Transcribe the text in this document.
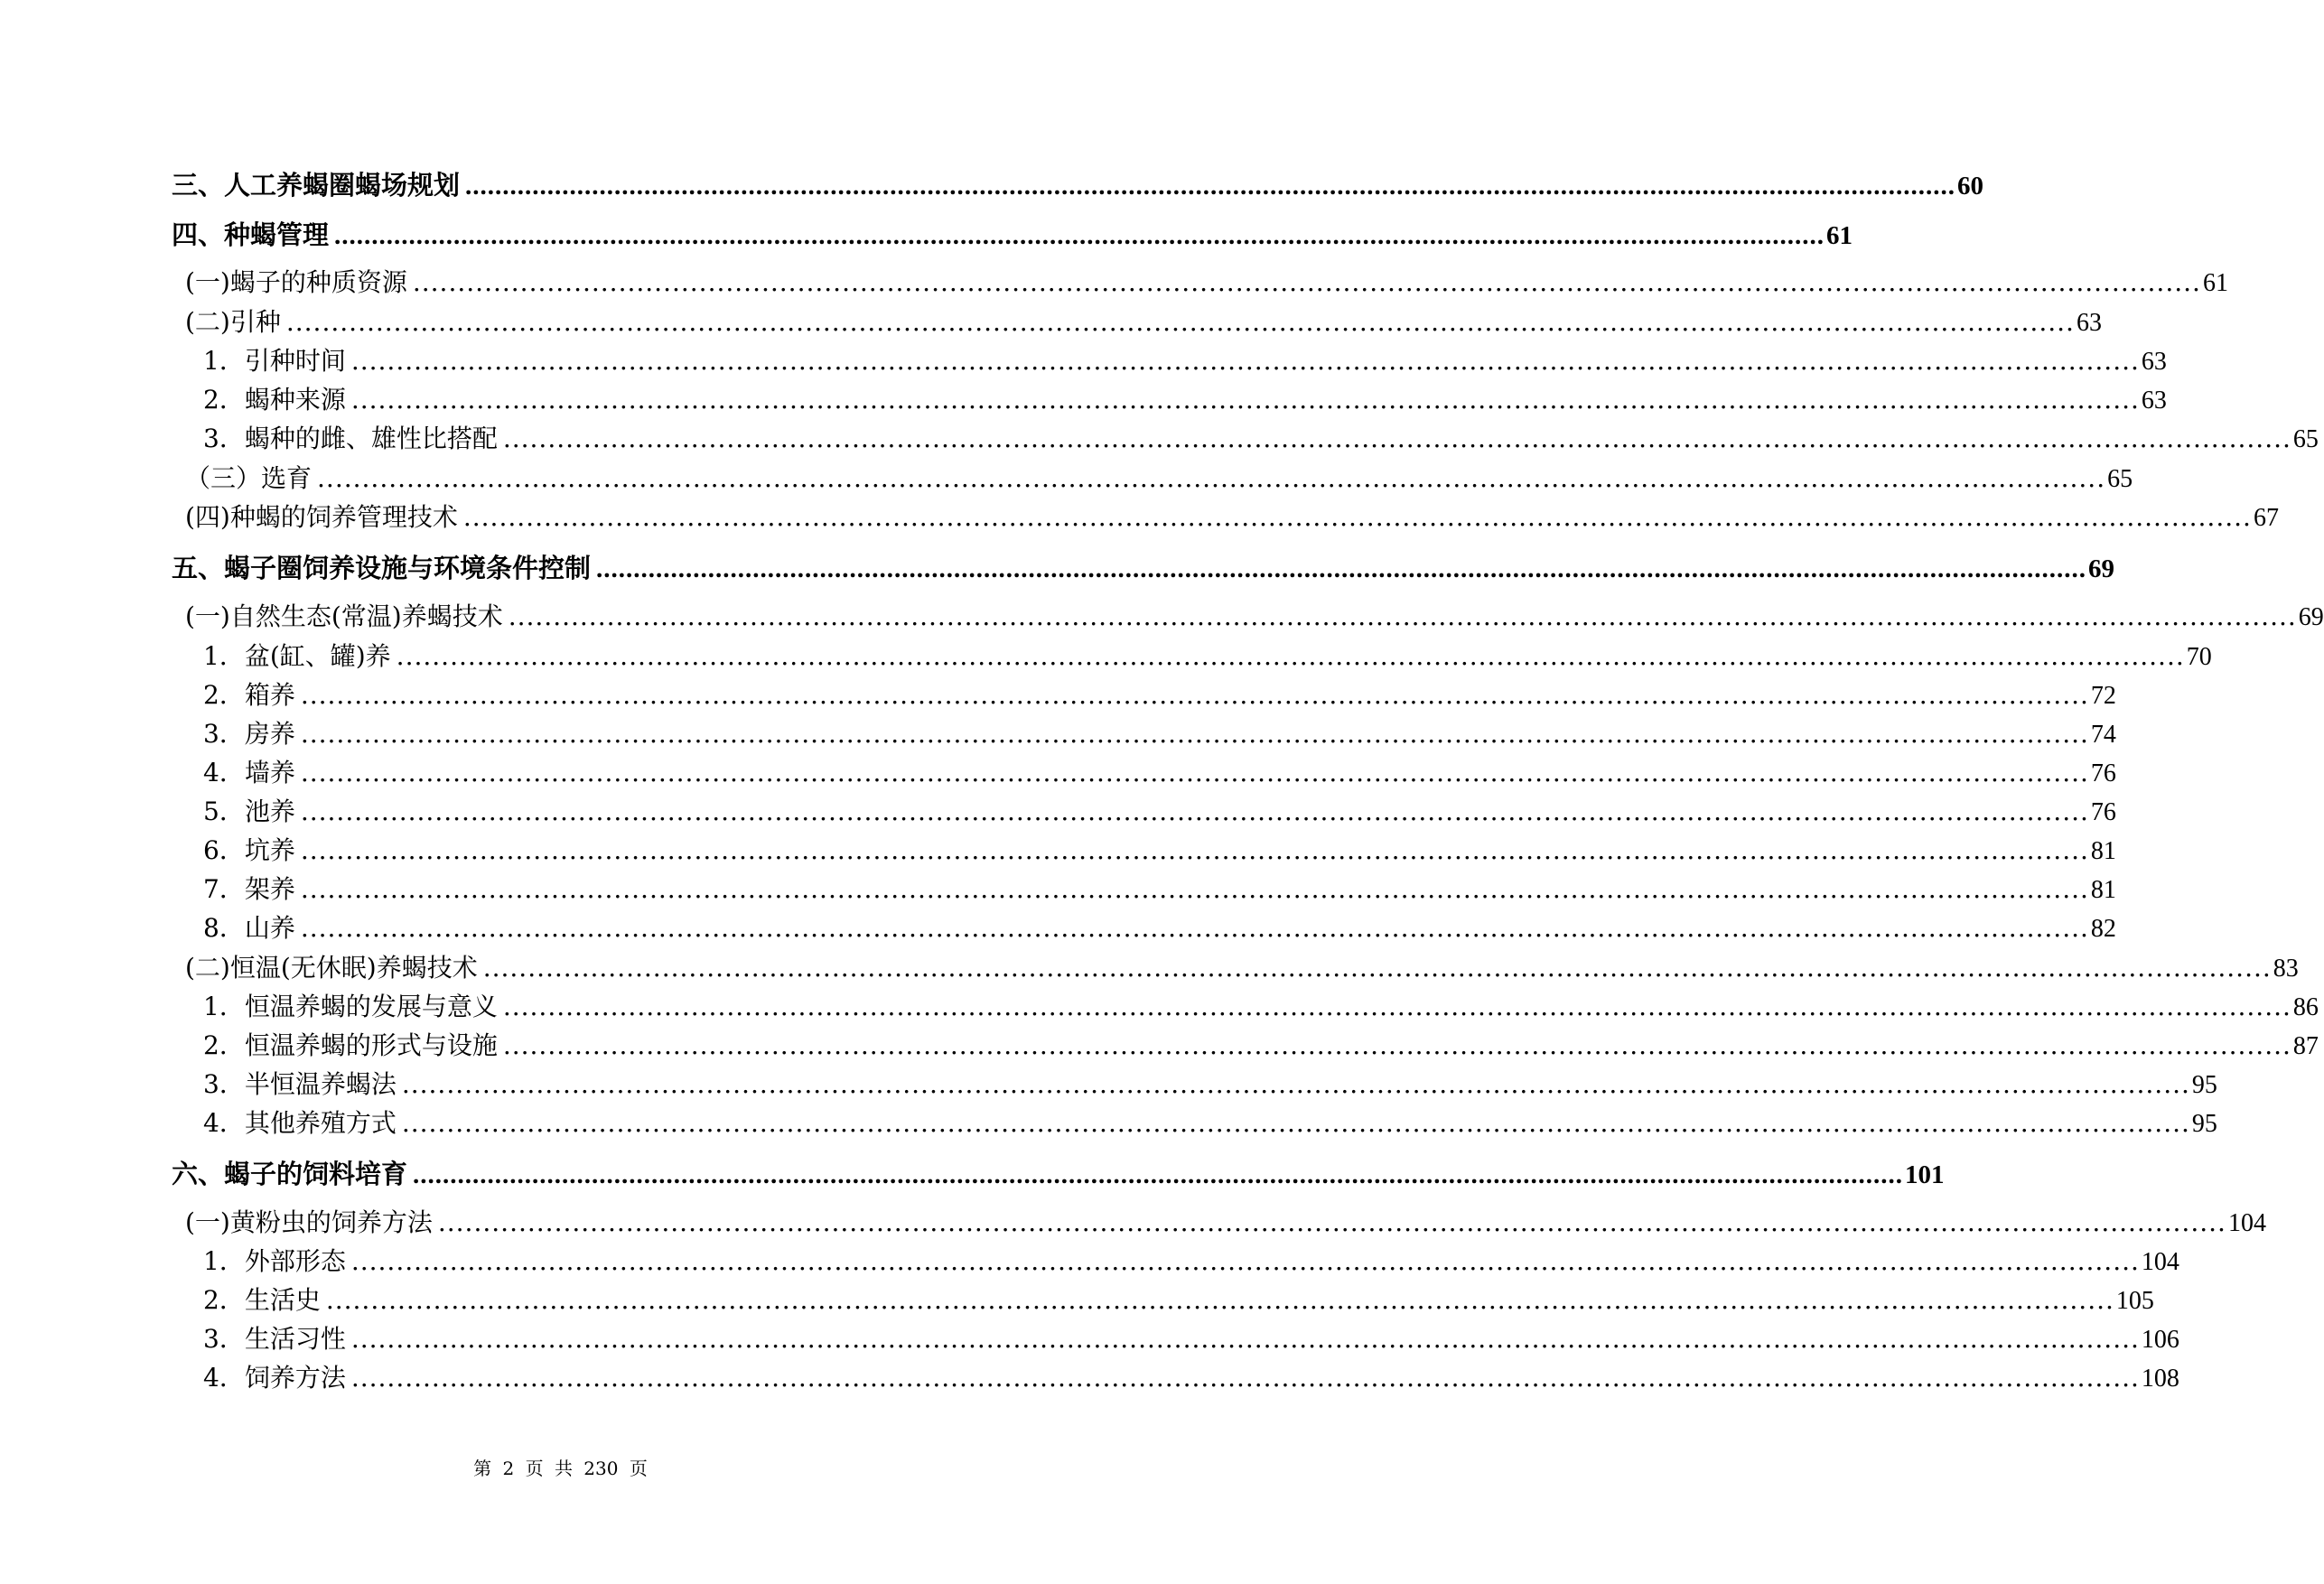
三、人工养蝎圈蝎场规划 ........................................................................................................................................................................................................ 60
四、种蝎管理 ........................................................................................................................................................................................................ 61
(一)蝎子的种质资源 ........................................................................................................................................................................................................ 61
(二)引种 ........................................................................................................................................................................................................ 63
1．引种时间 ........................................................................................................................................................................................................ 63
2．蝎种来源 ........................................................................................................................................................................................................ 63
3．蝎种的雌、雄性比搭配 ........................................................................................................................................................................................................ 65
（三）选育 ........................................................................................................................................................................................................ 65
(四)种蝎的饲养管理技术 ........................................................................................................................................................................................................ 67
五、蝎子圈饲养设施与环境条件控制 ........................................................................................................................................................................................................ 69
(一)自然生态(常温)养蝎技术 ........................................................................................................................................................................................................ 69
1．盆(缸、罐)养 ........................................................................................................................................................................................................ 70
2．箱养 ........................................................................................................................................................................................................ 72
3．房养 ........................................................................................................................................................................................................ 74
4．墙养 ........................................................................................................................................................................................................ 76
5．池养 ........................................................................................................................................................................................................ 76
6．坑养 ........................................................................................................................................................................................................ 81
7．架养 ........................................................................................................................................................................................................ 81
8．山养 ........................................................................................................................................................................................................ 82
(二)恒温(无休眠)养蝎技术 ........................................................................................................................................................................................................ 83
1．恒温养蝎的发展与意义 ........................................................................................................................................................................................................ 86
2．恒温养蝎的形式与设施 ........................................................................................................................................................................................................ 87
3．半恒温养蝎法 ........................................................................................................................................................................................................ 95
4．其他养殖方式 ........................................................................................................................................................................................................ 95
六、蝎子的饲料培育 ........................................................................................................................................................................................................ 101
(一)黄粉虫的饲养方法 ........................................................................................................................................................................................................ 104
1．外部形态 ........................................................................................................................................................................................................ 104
2．生活史 ........................................................................................................................................................................................................ 105
3．生活习性 ........................................................................................................................................................................................................ 106
4．饲养方法 ........................................................................................................................................................................................................ 108
第 2 页 共 230 页
